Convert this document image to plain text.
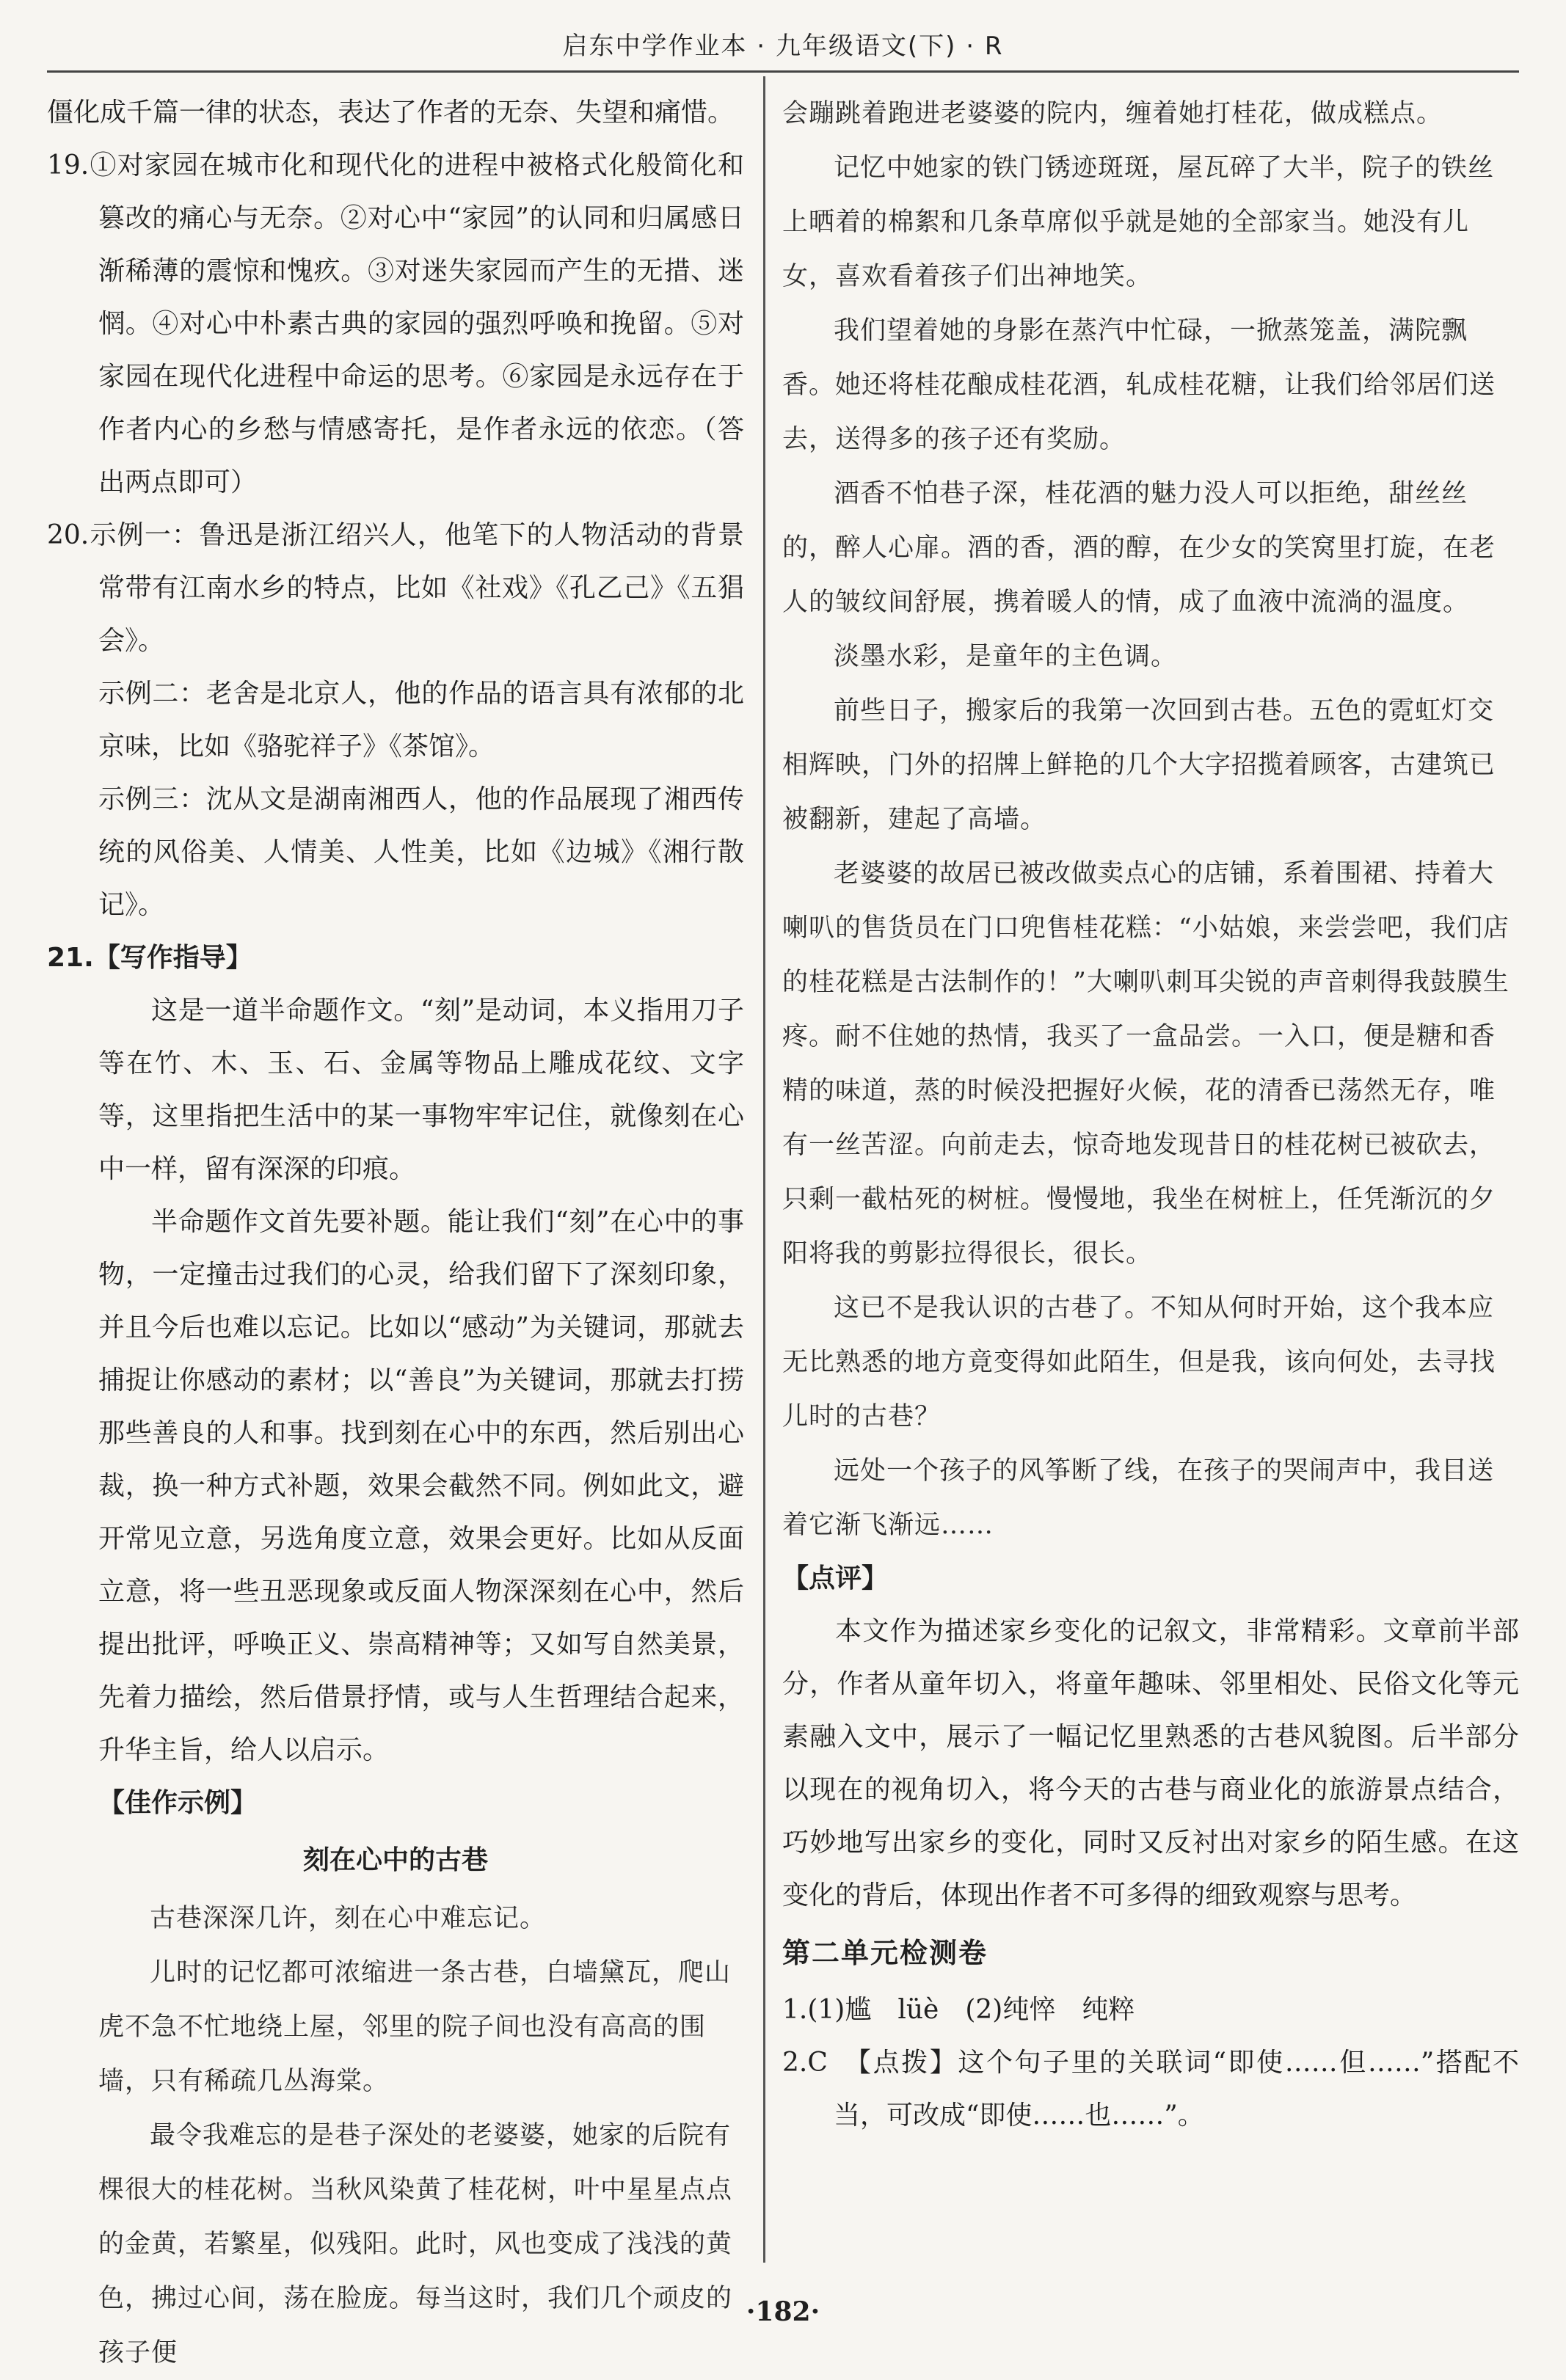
启东中学作业本 · 九年级语文(下) · R

僵化成千篇一律的状态，表达了作者的无奈、失望和痛惜。

19.①对家园在城市化和现代化的进程中被格式化般简化和篡改的痛心与无奈。②对心中“家园”的认同和归属感日渐稀薄的震惊和愧疚。③对迷失家园而产生的无措、迷惘。④对心中朴素古典的家园的强烈呼唤和挽留。⑤对家园在现代化进程中命运的思考。⑥家园是永远存在于作者内心的乡愁与情感寄托，是作者永远的依恋。（答出两点即可）

20.示例一：鲁迅是浙江绍兴人，他笔下的人物活动的背景常带有江南水乡的特点，比如《社戏》《孔乙己》《五猖会》。

示例二：老舍是北京人，他的作品的语言具有浓郁的北京味，比如《骆驼祥子》《茶馆》。

示例三：沈从文是湖南湘西人，他的作品展现了湘西传统的风俗美、人情美、人性美，比如《边城》《湘行散记》。

21.【写作指导】

这是一道半命题作文。“刻”是动词，本义指用刀子等在竹、木、玉、石、金属等物品上雕成花纹、文字等，这里指把生活中的某一事物牢牢记住，就像刻在心中一样，留有深深的印痕。

半命题作文首先要补题。能让我们“刻”在心中的事物，一定撞击过我们的心灵，给我们留下了深刻印象，并且今后也难以忘记。比如以“感动”为关键词，那就去捕捉让你感动的素材；以“善良”为关键词，那就去打捞那些善良的人和事。找到刻在心中的东西，然后别出心裁，换一种方式补题，效果会截然不同。例如此文，避开常见立意，另选角度立意，效果会更好。比如从反面立意，将一些丑恶现象或反面人物深深刻在心中，然后提出批评，呼唤正义、崇高精神等；又如写自然美景，先着力描绘，然后借景抒情，或与人生哲理结合起来，升华主旨，给人以启示。

【佳作示例】

刻在心中的古巷

古巷深深几许，刻在心中难忘记。

儿时的记忆都可浓缩进一条古巷，白墙黛瓦，爬山虎不急不忙地绕上屋，邻里的院子间也没有高高的围墙，只有稀疏几丛海棠。

最令我难忘的是巷子深处的老婆婆，她家的后院有棵很大的桂花树。当秋风染黄了桂花树，叶中星星点点的金黄，若繁星，似残阳。此时，风也变成了浅浅的黄色，拂过心间，荡在脸庞。每当这时，我们几个顽皮的孩子便

会蹦跳着跑进老婆婆的院内，缠着她打桂花，做成糕点。

记忆中她家的铁门锈迹斑斑，屋瓦碎了大半，院子的铁丝上晒着的棉絮和几条草席似乎就是她的全部家当。她没有儿女，喜欢看着孩子们出神地笑。

我们望着她的身影在蒸汽中忙碌，一掀蒸笼盖，满院飘香。她还将桂花酿成桂花酒，轧成桂花糖，让我们给邻居们送去，送得多的孩子还有奖励。

酒香不怕巷子深，桂花酒的魅力没人可以拒绝，甜丝丝的，醉人心扉。酒的香，酒的醇，在少女的笑窝里打旋，在老人的皱纹间舒展，携着暖人的情，成了血液中流淌的温度。

淡墨水彩，是童年的主色调。

前些日子，搬家后的我第一次回到古巷。五色的霓虹灯交相辉映，门外的招牌上鲜艳的几个大字招揽着顾客，古建筑已被翻新，建起了高墙。

老婆婆的故居已被改做卖点心的店铺，系着围裙、持着大喇叭的售货员在门口兜售桂花糕：“小姑娘，来尝尝吧，我们店的桂花糕是古法制作的！”大喇叭刺耳尖锐的声音刺得我鼓膜生疼。耐不住她的热情，我买了一盒品尝。一入口，便是糖和香精的味道，蒸的时候没把握好火候，花的清香已荡然无存，唯有一丝苦涩。向前走去，惊奇地发现昔日的桂花树已被砍去，只剩一截枯死的树桩。慢慢地，我坐在树桩上，任凭渐沉的夕阳将我的剪影拉得很长，很长。

这已不是我认识的古巷了。不知从何时开始，这个我本应无比熟悉的地方竟变得如此陌生，但是我，该向何处，去寻找儿时的古巷？

远处一个孩子的风筝断了线，在孩子的哭闹声中，我目送着它渐飞渐远……

【点评】

本文作为描述家乡变化的记叙文，非常精彩。文章前半部分，作者从童年切入，将童年趣味、邻里相处、民俗文化等元素融入文中，展示了一幅记忆里熟悉的古巷风貌图。后半部分以现在的视角切入，将今天的古巷与商业化的旅游景点结合，巧妙地写出家乡的变化，同时又反衬出对家乡的陌生感。在这变化的背后，体现出作者不可多得的细致观察与思考。

第二单元检测卷

1.(1)尴　lüè　(2)纯悴　纯粹

2.C　【点拨】这个句子里的关联词“即使……但……”搭配不当，可改成“即使……也……”。

·182·
